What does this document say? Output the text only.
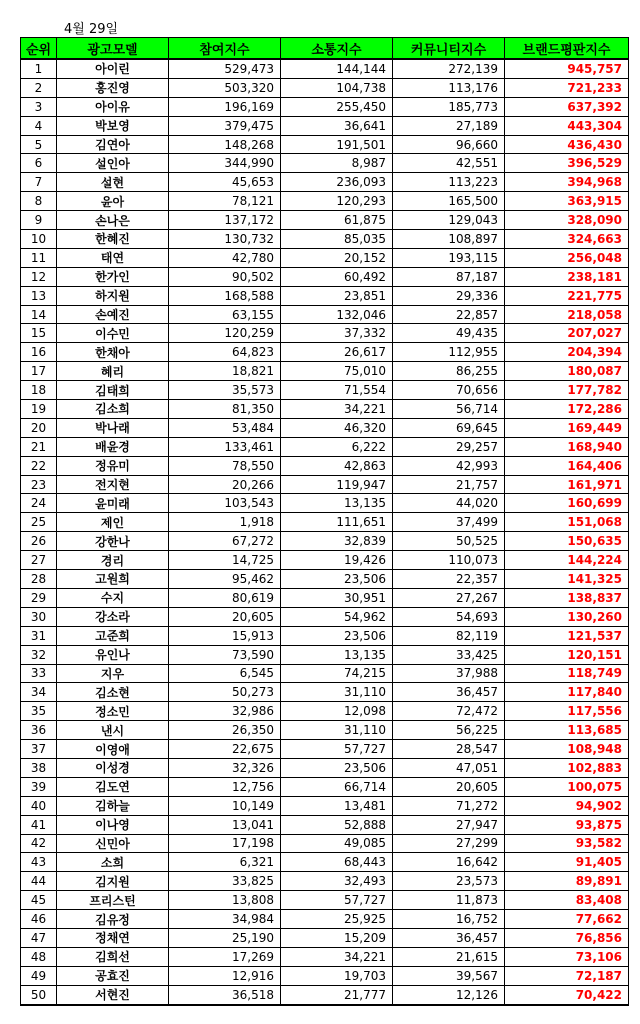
4월 29일
순위	광고모델	참여지수	소통지수	커뮤니티지수	브랜드평판지수
1	아이린	529,473	144,144	272,139	945,757
2	홍진영	503,320	104,738	113,176	721,233
3	아이유	196,169	255,450	185,773	637,392
4	박보영	379,475	36,641	27,189	443,304
5	김연아	148,268	191,501	96,660	436,430
6	설인아	344,990	8,987	42,551	396,529
7	설현	45,653	236,093	113,223	394,968
8	윤아	78,121	120,293	165,500	363,915
9	손나은	137,172	61,875	129,043	328,090
10	한혜진	130,732	85,035	108,897	324,663
11	태연	42,780	20,152	193,115	256,048
12	한가인	90,502	60,492	87,187	238,181
13	하지원	168,588	23,851	29,336	221,775
14	손예진	63,155	132,046	22,857	218,058
15	이수민	120,259	37,332	49,435	207,027
16	한채아	64,823	26,617	112,955	204,394
17	혜리	18,821	75,010	86,255	180,087
18	김태희	35,573	71,554	70,656	177,782
19	김소희	81,350	34,221	56,714	172,286
20	박나래	53,484	46,320	69,645	169,449
21	배윤경	133,461	6,222	29,257	168,940
22	정유미	78,550	42,863	42,993	164,406
23	전지현	20,266	119,947	21,757	161,971
24	윤미래	103,543	13,135	44,020	160,699
25	제인	1,918	111,651	37,499	151,068
26	강한나	67,272	32,839	50,525	150,635
27	경리	14,725	19,426	110,073	144,224
28	고원희	95,462	23,506	22,357	141,325
29	수지	80,619	30,951	27,267	138,837
30	강소라	20,605	54,962	54,693	130,260
31	고준희	15,913	23,506	82,119	121,537
32	유인나	73,590	13,135	33,425	120,151
33	지우	6,545	74,215	37,988	118,749
34	김소현	50,273	31,110	36,457	117,840
35	정소민	32,986	12,098	72,472	117,556
36	낸시	26,350	31,110	56,225	113,685
37	이영애	22,675	57,727	28,547	108,948
38	이성경	32,326	23,506	47,051	102,883
39	김도연	12,756	66,714	20,605	100,075
40	김하늘	10,149	13,481	71,272	94,902
41	이나영	13,041	52,888	27,947	93,875
42	신민아	17,198	49,085	27,299	93,582
43	소희	6,321	68,443	16,642	91,405
44	김지원	33,825	32,493	23,573	89,891
45	프리스틴	13,808	57,727	11,873	83,408
46	김유정	34,984	25,925	16,752	77,662
47	정채연	25,190	15,209	36,457	76,856
48	김희선	17,269	34,221	21,615	73,106
49	공효진	12,916	19,703	39,567	72,187
50	서현진	36,518	21,777	12,126	70,422
